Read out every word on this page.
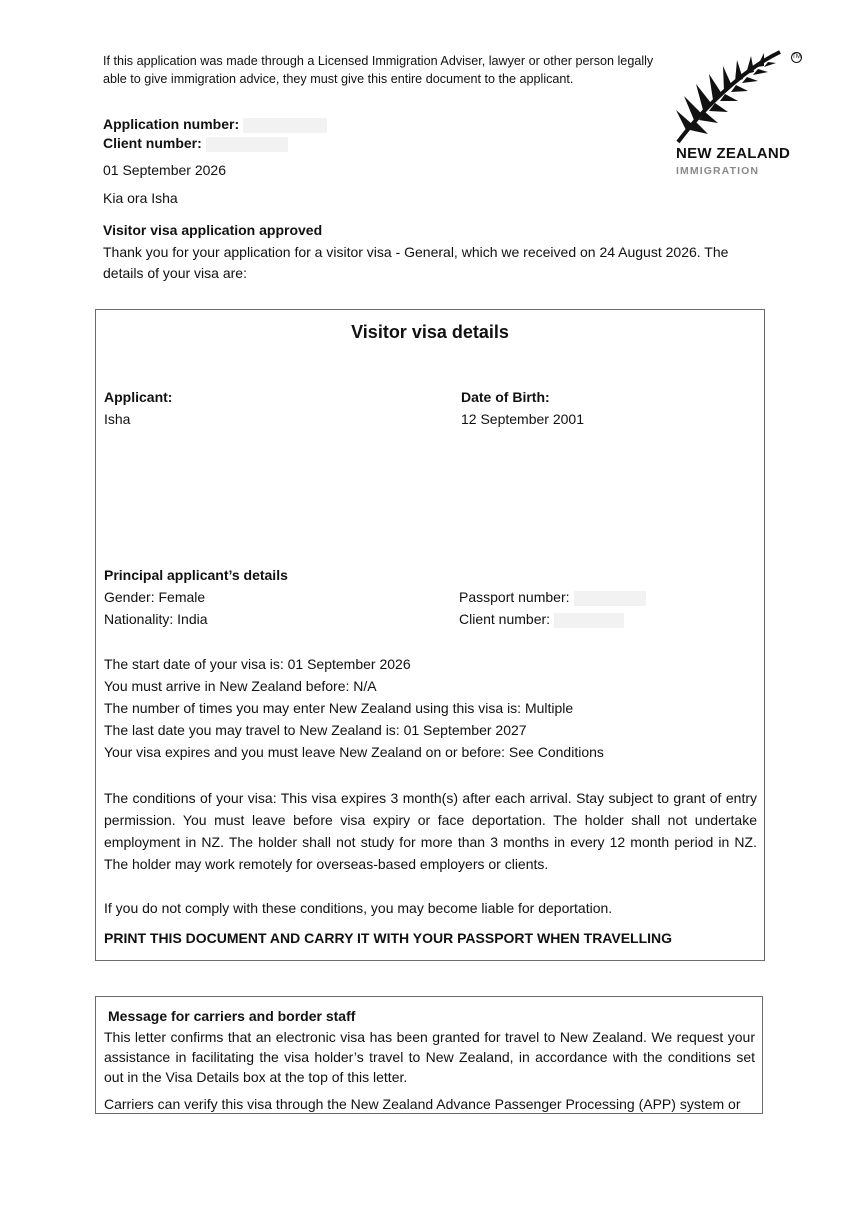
If this application was made through a Licensed Immigration Adviser, lawyer or other person legally able to give immigration advice, they must give this entire document to the applicant.
Application number:
Client number:
01 September 2026
Kia ora Isha
Visitor visa application approved
Thank you for your application for a visitor visa - General, which we received on 24 August 2026. The details of your visa are:
TM
NEW ZEALAND
IMMIGRATION
Visitor visa details
Applicant:
Isha
Date of Birth:
12 September 2001
Principal applicant’s details
Gender: Female
Nationality: India
Passport number:
Client number:
The start date of your visa is: 01 September 2026
You must arrive in New Zealand before: N/A
The number of times you may enter New Zealand using this visa is: Multiple
The last date you may travel to New Zealand is: 01 September 2027
Your visa expires and you must leave New Zealand on or before: See Conditions
The conditions of your visa: This visa expires 3 month(s) after each arrival. Stay subject to grant of entry permission. You must leave before visa expiry or face deportation. The holder shall not undertake employment in NZ. The holder shall not study for more than 3 months in every 12 month period in NZ. The holder may work remotely for overseas-based employers or clients.
If you do not comply with these conditions, you may become liable for deportation.
PRINT THIS DOCUMENT AND CARRY IT WITH YOUR PASSPORT WHEN TRAVELLING
Message for carriers and border staff
This letter confirms that an electronic visa has been granted for travel to New Zealand. We request your assistance in facilitating the visa holder’s travel to New Zealand, in accordance with the conditions set out in the Visa Details box at the top of this letter.
Carriers can verify this visa through the New Zealand Advance Passenger Processing (APP) system or
